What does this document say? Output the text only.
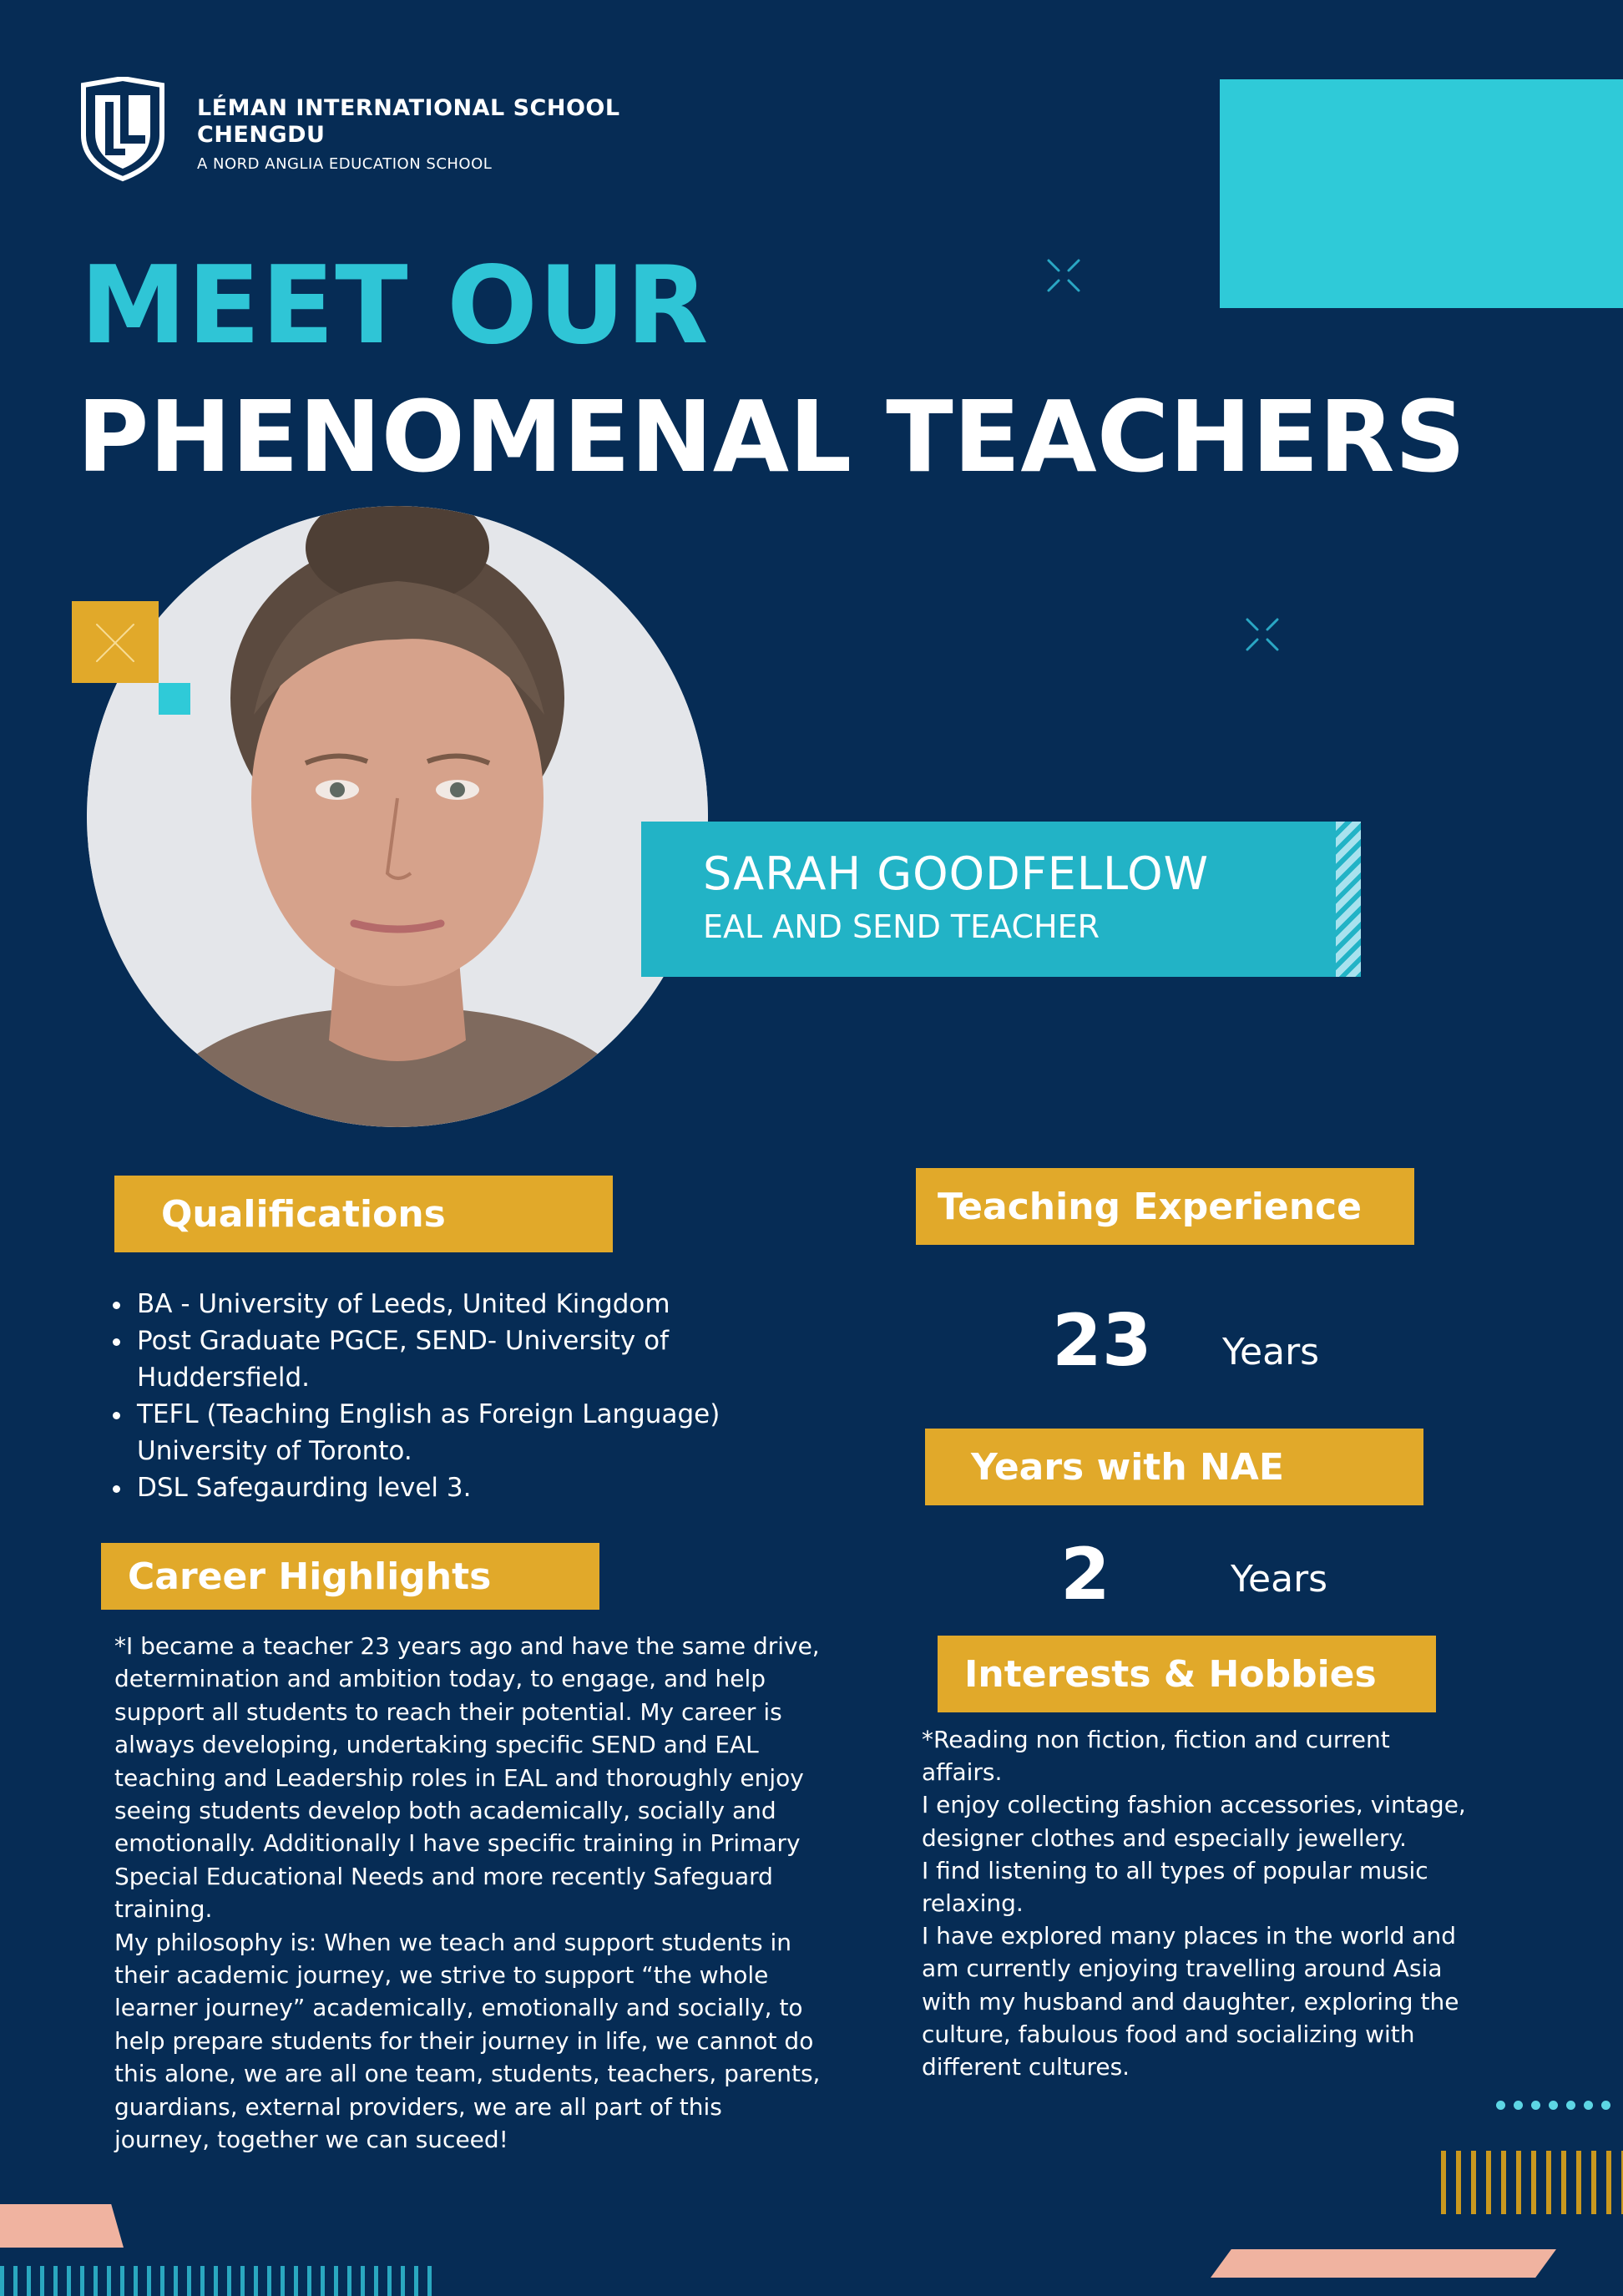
LÉMAN INTERNATIONAL SCHOOL
CHENGDU
A NORD ANGLIA EDUCATION SCHOOL
MEET OUR
PHENOMENAL TEACHERS
SARAH GOODFELLOW
EAL AND SEND TEACHER
Qualifications
• BA - University of Leeds, United Kingdom
• Post Graduate PGCE, SEND- University of Huddersfield.
• TEFL (Teaching English as Foreign Language) University of Toronto.
• DSL Safegaurding level 3.
Career Highlights
*I became a teacher 23 years ago and have the same drive, determination and ambition today, to engage, and help support all students to reach their potential. My career is always developing, undertaking specific SEND and EAL teaching and Leadership roles in EAL and thoroughly enjoy seeing students develop both academically, socially and emotionally. Additionally I have specific training in Primary Special Educational Needs and more recently Safeguard training.
My philosophy is: When we teach and support students in their academic journey, we strive to support “the whole learner journey” academically, emotionally and socially, to help prepare students for their journey in life, we cannot do this alone, we are all one team, students, teachers, parents, guardians, external providers, we are all part of this journey, together we can suceed!
Teaching Experience
23 Years
Years with NAE
2	Years
Interests & Hobbies
*Reading non fiction, fiction and current affairs.
I enjoy collecting fashion accessories, vintage, designer clothes and especially jewellery.
I find listening to all types of popular music relaxing.
I have explored many places in the world and am currently enjoying travelling around Asia with my husband and daughter, exploring the culture, fabulous food and socializing with different cultures.
